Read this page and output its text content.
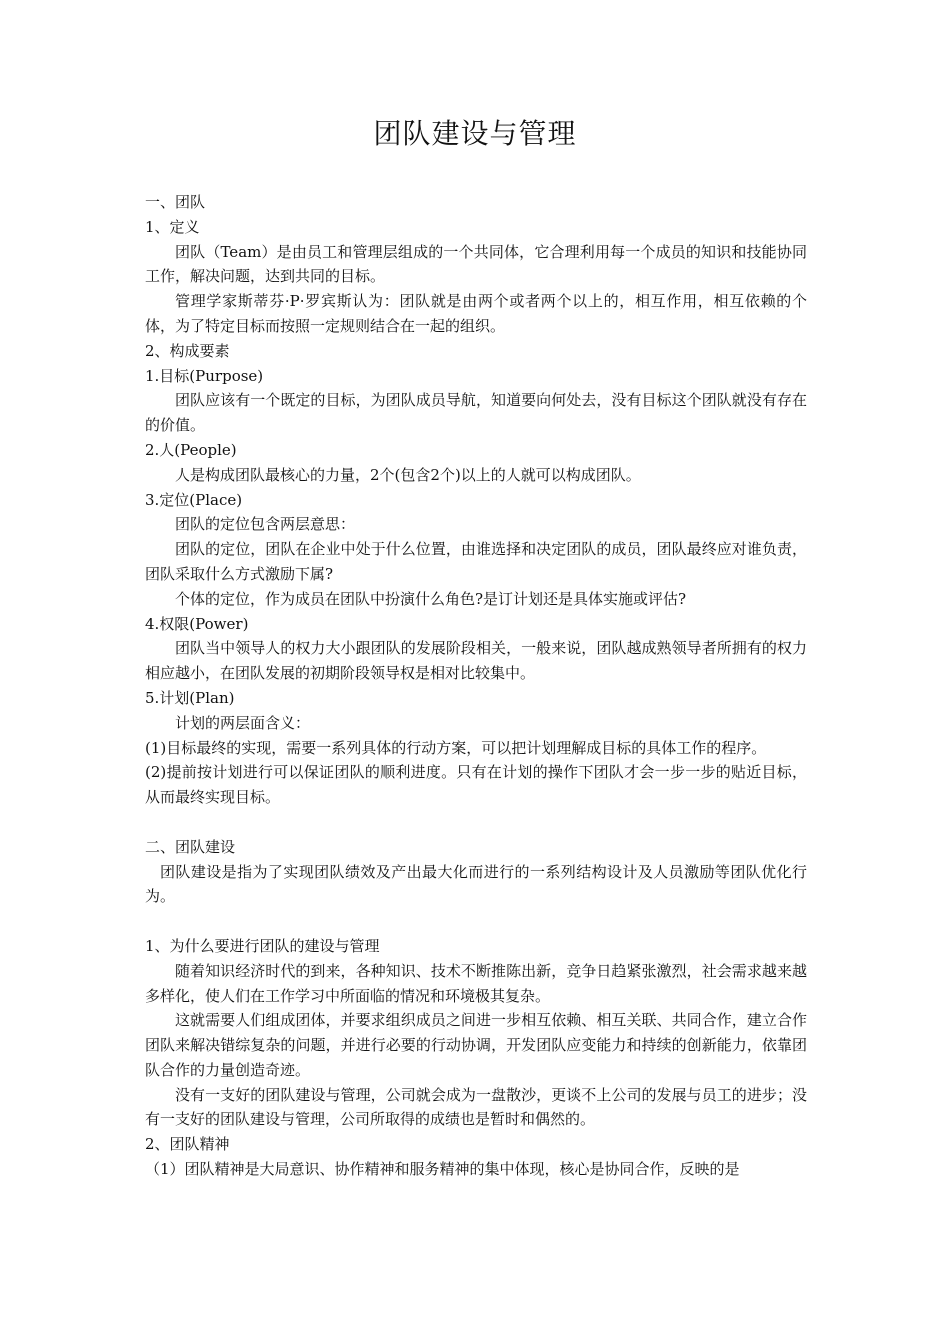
团队建设与管理

一、团队

1、定义

团队（Team）是由员工和管理层组成的一个共同体，它合理利用每一个成员的知识和技能协同工作，解决问题，达到共同的目标。

管理学家斯蒂芬·P·罗宾斯认为：团队就是由两个或者两个以上的，相互作用，相互依赖的个体，为了特定目标而按照一定规则结合在一起的组织。

2、构成要素

1.目标(Purpose)

团队应该有一个既定的目标，为团队成员导航，知道要向何处去，没有目标这个团队就没有存在的价值。

2.人(People)

人是构成团队最核心的力量，2个(包含2个)以上的人就可以构成团队。

3.定位(Place)

团队的定位包含两层意思：

团队的定位，团队在企业中处于什么位置，由谁选择和决定团队的成员，团队最终应对谁负责，团队采取什么方式激励下属?

个体的定位，作为成员在团队中扮演什么角色?是订计划还是具体实施或评估?

4.权限(Power)

团队当中领导人的权力大小跟团队的发展阶段相关，一般来说，团队越成熟领导者所拥有的权力相应越小，在团队发展的初期阶段领导权是相对比较集中。

5.计划(Plan)

计划的两层面含义：

(1)目标最终的实现，需要一系列具体的行动方案，可以把计划理解成目标的具体工作的程序。

(2)提前按计划进行可以保证团队的顺利进度。只有在计划的操作下团队才会一步一步的贴近目标，从而最终实现目标。

二、团队建设

团队建设是指为了实现团队绩效及产出最大化而进行的一系列结构设计及人员激励等团队优化行为。

1、为什么要进行团队的建设与管理

随着知识经济时代的到来，各种知识、技术不断推陈出新，竞争日趋紧张激烈，社会需求越来越多样化，使人们在工作学习中所面临的情况和环境极其复杂。

这就需要人们组成团体，并要求组织成员之间进一步相互依赖、相互关联、共同合作，建立合作团队来解决错综复杂的问题，并进行必要的行动协调，开发团队应变能力和持续的创新能力，依靠团队合作的力量创造奇迹。

没有一支好的团队建设与管理，公司就会成为一盘散沙，更谈不上公司的发展与员工的进步；没有一支好的团队建设与管理，公司所取得的成绩也是暂时和偶然的。

2、团队精神

（1）团队精神是大局意识、协作精神和服务精神的集中体现，核心是协同合作，反映的是
